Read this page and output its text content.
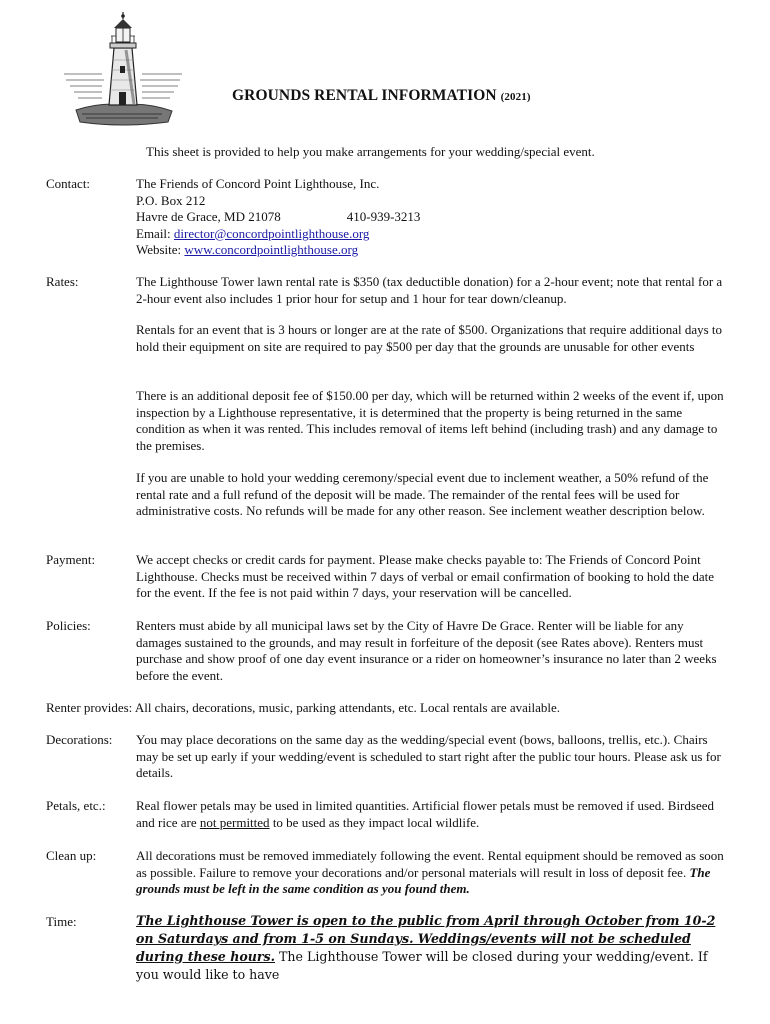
GROUNDS RENTAL INFORMATION (2021)

This sheet is provided to help you make arrangements for your wedding/special event.

Contact:	The Friends of Concord Point Lighthouse, Inc.

P.O. Box 212

Havre de Grace, MD 21078	410-939-3213

Email: director@concordpointlighthouse.org

Website: www.concordpointlighthouse.org

Rates:	The Lighthouse Tower lawn rental rate is $350 (tax deductible donation) for a 2-hour event; note that rental for a 2-hour event also includes 1 prior hour for setup and 1 hour for tear down/cleanup.

Rentals for an event that is 3 hours or longer are at the rate of $500. Organizations that require additional days to hold their equipment on site are required to pay $500 per day that the grounds are unusable for other events

There is an additional deposit fee of $150.00 per day, which will be returned within 2 weeks of the event if, upon inspection by a Lighthouse representative, it is determined that the property is being returned in the same condition as when it was rented. This includes removal of items left behind (including trash) and any damage to the premises.

If you are unable to hold your wedding ceremony/special event due to inclement weather, a 50% refund of the rental rate and a full refund of the deposit will be made. The remainder of the rental fees will be used for administrative costs. No refunds will be made for any other reason. See inclement weather description below.

Payment:	We accept checks or credit cards for payment. Please make checks payable to: The Friends of Concord Point Lighthouse. Checks must be received within 7 days of verbal or email confirmation of booking to hold the date for the event. If the fee is not paid within 7 days, your reservation will be cancelled.

Policies:	Renters must abide by all municipal laws set by the City of Havre De Grace. Renter will be liable for any damages sustained to the grounds, and may result in forfeiture of the deposit (see Rates above). Renters must purchase and show proof of one day event insurance or a rider on homeowner’s insurance no later than 2 weeks before the event.

Renter provides: All chairs, decorations, music, parking attendants, etc. Local rentals are available.

Decorations: You may place decorations on the same day as the wedding/special event (bows, balloons, trellis, etc.). Chairs may be set up early if your wedding/event is scheduled to start right after the public tour hours. Please ask us for details.

Petals, etc.: Real flower petals may be used in limited quantities. Artificial flower petals must be removed if used. Birdseed and rice are not permitted to be used as they impact local wildlife.

Clean up:	All decorations must be removed immediately following the event. Rental equipment should be removed as soon as possible. Failure to remove your decorations and/or personal materials will result in loss of deposit fee. The grounds must be left in the same condition as you found them.

Time:	The Lighthouse Tower is open to the public from April through October from 10-2 on Saturdays and from 1-5 on Sundays. Weddings/events will not be scheduled during these hours. The Lighthouse Tower will be closed during your wedding/event. If you would like to have
